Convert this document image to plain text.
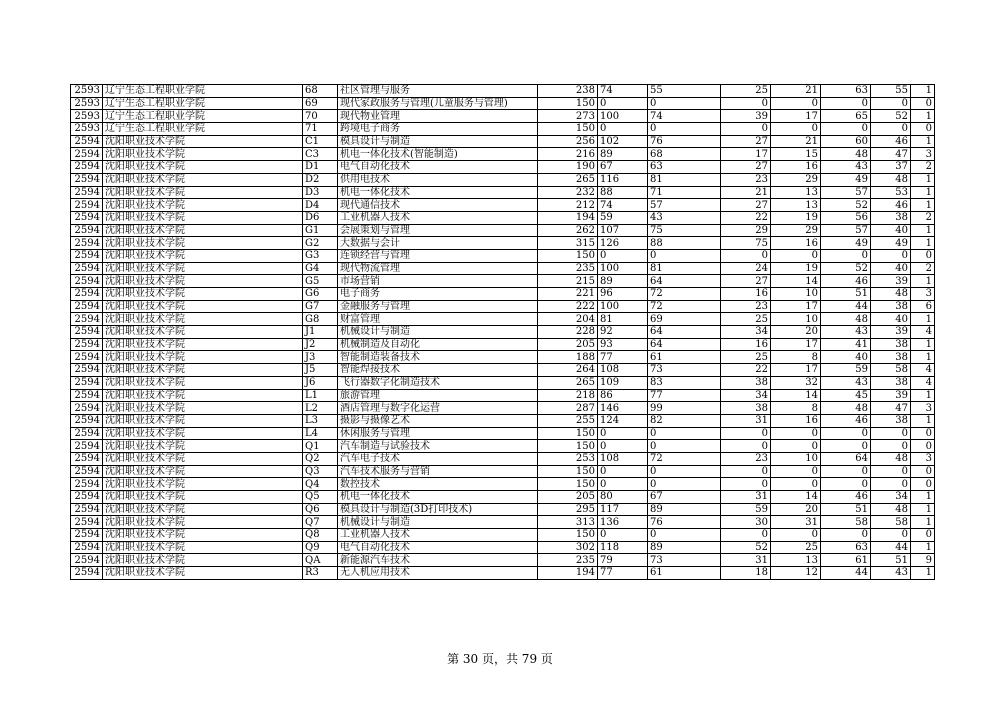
2593	辽宁生态工程职业学院	68	社区管理与服务	238	74	55	25	21	63	55	1
2593	辽宁生态工程职业学院	69	现代家政服务与管理(儿童服务与管理)	150	0	0	0	0	0	0	0
2593	辽宁生态工程职业学院	70	现代物业管理	273	100	74	39	17	65	52	1
2593	辽宁生态工程职业学院	71	跨境电子商务	150	0	0	0	0	0	0	0
2594	沈阳职业技术学院	C1	模具设计与制造	256	102	76	27	21	60	46	1
2594	沈阳职业技术学院	C3	机电一体化技术(智能制造)	216	89	68	17	15	48	47	3
2594	沈阳职业技术学院	D1	电气自动化技术	190	67	63	27	16	43	37	2
2594	沈阳职业技术学院	D2	供用电技术	265	116	81	23	29	49	48	1
2594	沈阳职业技术学院	D3	机电一体化技术	232	88	71	21	13	57	53	1
2594	沈阳职业技术学院	D4	现代通信技术	212	74	57	27	13	52	46	1
2594	沈阳职业技术学院	D6	工业机器人技术	194	59	43	22	19	56	38	2
2594	沈阳职业技术学院	G1	会展策划与管理	262	107	75	29	29	57	40	1
2594	沈阳职业技术学院	G2	大数据与会计	315	126	88	75	16	49	49	1
2594	沈阳职业技术学院	G3	连锁经营与管理	150	0	0	0	0	0	0	0
2594	沈阳职业技术学院	G4	现代物流管理	235	100	81	24	19	52	40	2
2594	沈阳职业技术学院	G5	市场营销	215	89	64	27	14	46	39	1
2594	沈阳职业技术学院	G6	电子商务	221	96	72	16	10	51	48	3
2594	沈阳职业技术学院	G7	金融服务与管理	222	100	72	23	17	44	38	6
2594	沈阳职业技术学院	G8	财富管理	204	81	69	25	10	48	40	1
2594	沈阳职业技术学院	J1	机械设计与制造	228	92	64	34	20	43	39	4
2594	沈阳职业技术学院	J2	机械制造及自动化	205	93	64	16	17	41	38	1
2594	沈阳职业技术学院	J3	智能制造装备技术	188	77	61	25	8	40	38	1
2594	沈阳职业技术学院	J5	智能焊接技术	264	108	73	22	17	59	58	4
2594	沈阳职业技术学院	J6	飞行器数字化制造技术	265	109	83	38	32	43	38	4
2594	沈阳职业技术学院	L1	旅游管理	218	86	77	34	14	45	39	1
2594	沈阳职业技术学院	L2	酒店管理与数字化运营	287	146	99	38	8	48	47	3
2594	沈阳职业技术学院	L3	摄影与摄像艺术	255	124	82	31	16	46	38	1
2594	沈阳职业技术学院	L4	休闲服务与管理	150	0	0	0	0	0	0	0
2594	沈阳职业技术学院	Q1	汽车制造与试验技术	150	0	0	0	0	0	0	0
2594	沈阳职业技术学院	Q2	汽车电子技术	253	108	72	23	10	64	48	3
2594	沈阳职业技术学院	Q3	汽车技术服务与营销	150	0	0	0	0	0	0	0
2594	沈阳职业技术学院	Q4	数控技术	150	0	0	0	0	0	0	0
2594	沈阳职业技术学院	Q5	机电一体化技术	205	80	67	31	14	46	34	1
2594	沈阳职业技术学院	Q6	模具设计与制造(3D打印技术)	295	117	89	59	20	51	48	1
2594	沈阳职业技术学院	Q7	机械设计与制造	313	136	76	30	31	58	58	1
2594	沈阳职业技术学院	Q8	工业机器人技术	150	0	0	0	0	0	0	0
2594	沈阳职业技术学院	Q9	电气自动化技术	302	118	89	52	25	63	44	1
2594	沈阳职业技术学院	QA	新能源汽车技术	235	79	73	31	13	61	51	9
2594	沈阳职业技术学院	R3	无人机应用技术	194	77	61	18	12	44	43	1
第 30 页，共 79 页
